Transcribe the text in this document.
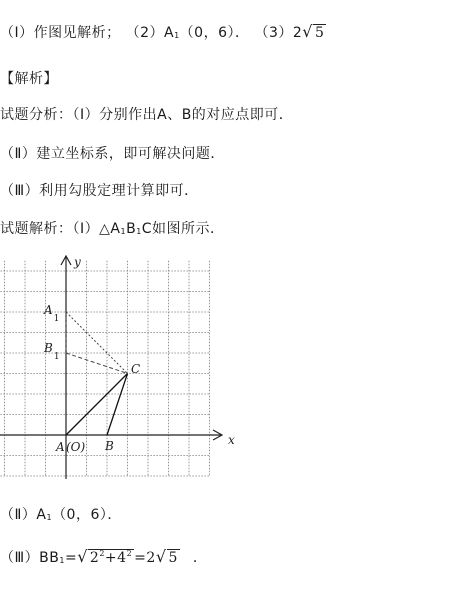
（Ⅰ）作图见解析； $(2)A_1(0$，6）． （3）2√ 5
【解析】
试题分析：（Ⅰ）分别作出A、B的对应点即可．
（Ⅱ）建立坐标系，即可解决问题．
（Ⅲ）利用勾股定理计算即可．
试题解析：$(Ⅰ)\triangle A_1B_1C$如图所示．
y
x
$A_1$
$B_1$
C
A (O) B
$(Ⅱ)A_1(0$，6）．
$(Ⅲ)BB_1=√$ $2^2+4^2 =2√$ 5 ．
